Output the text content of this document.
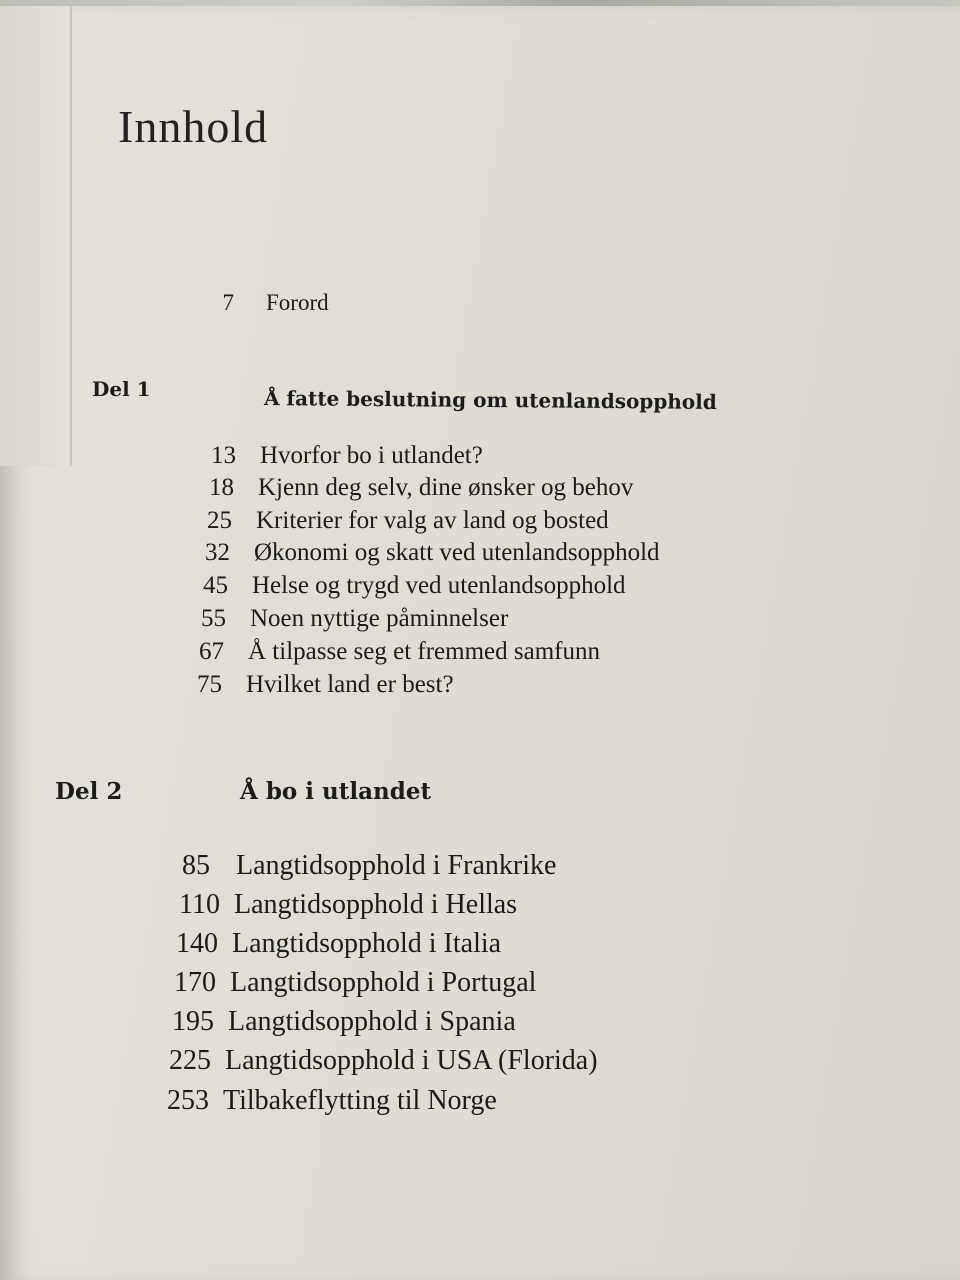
Innhold
7 Forord
Del 1	Å fatte beslutning om utenlandsopphold
13 Hvorfor bo i utlandet?
18 Kjenn deg selv, dine ønsker og behov
25 Kriterier for valg av land og bosted
32 Økonomi og skatt ved utenlandsopphold
45 Helse og trygd ved utenlandsopphold
55 Noen nyttige påminnelser
67 Å tilpasse seg et fremmed samfunn
75 Hvilket land er best?
Del 2	Å bo i utlandet
85 Langtidsopphold i Frankrike
110 Langtidsopphold i Hellas
140 Langtidsopphold i Italia
170 Langtidsopphold i Portugal
195 Langtidsopphold i Spania
225 Langtidsopphold i USA (Florida)
253 Tilbakeflytting til Norge
